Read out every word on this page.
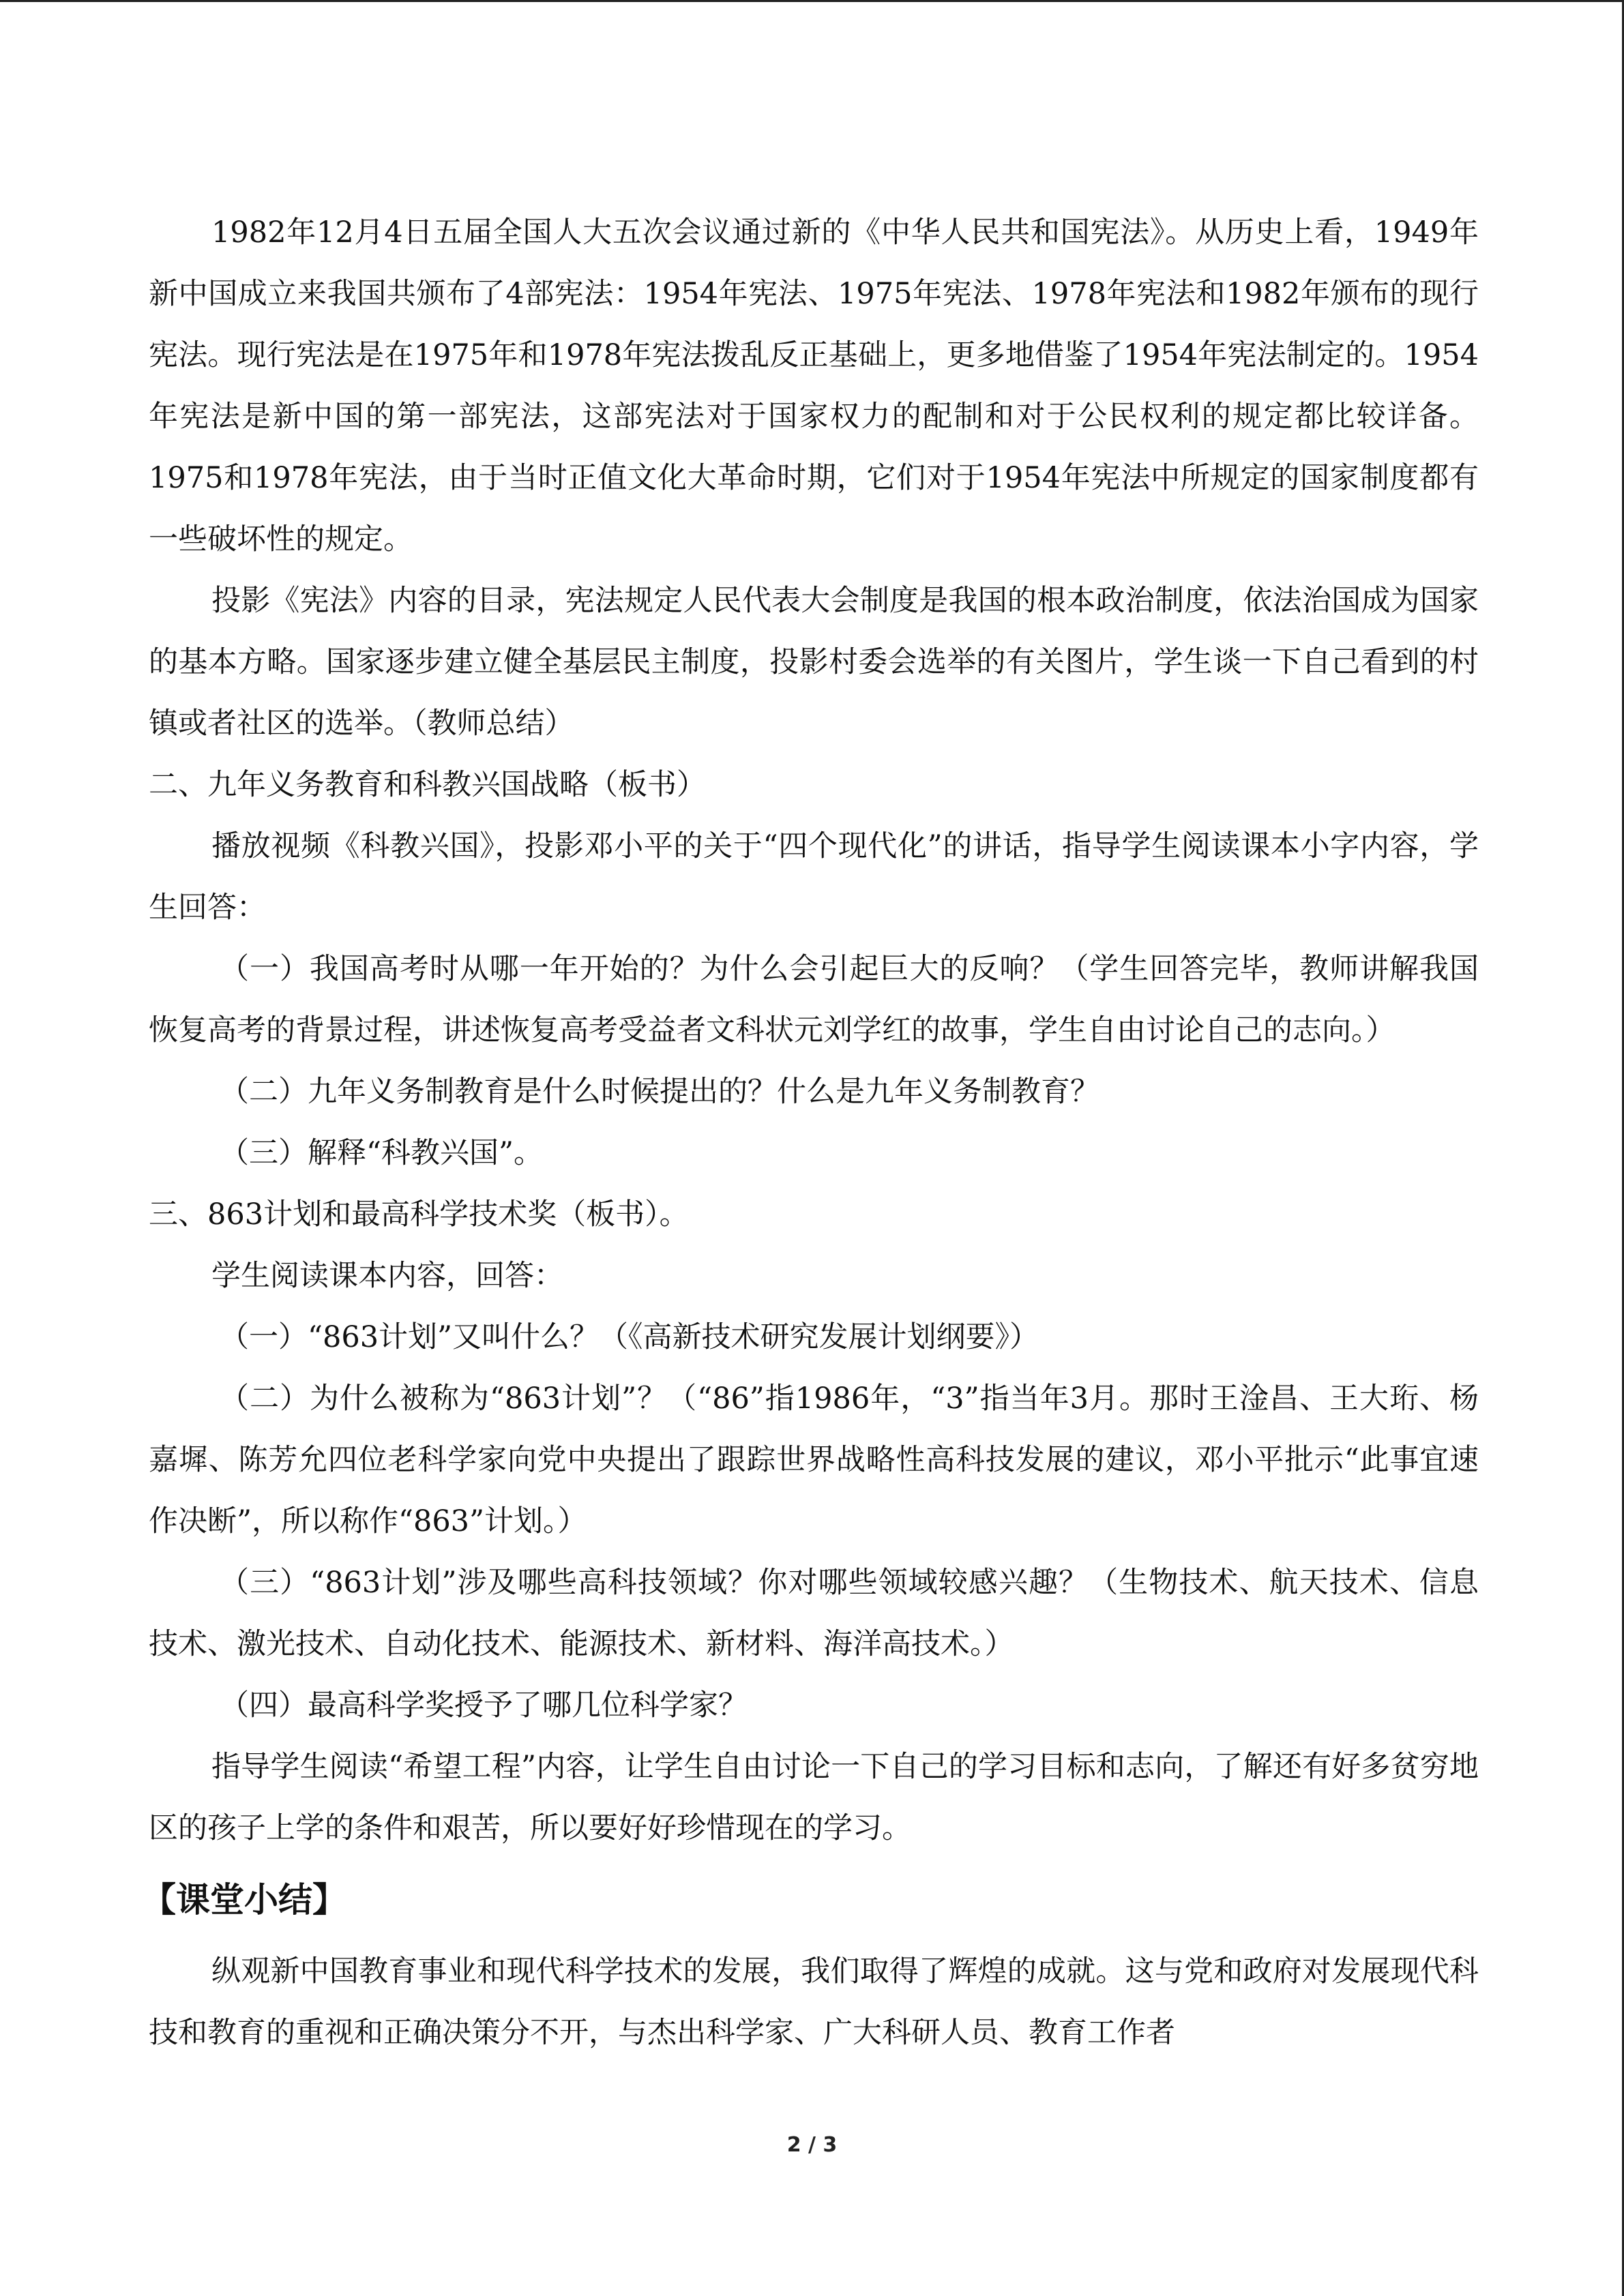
1982年12月4日五届全国人大五次会议通过新的《中华人民共和国宪法》。从历史上看，1949年新中国成立来我国共颁布了4部宪法：1954年宪法、1975年宪法、1978年宪法和1982年颁布的现行宪法。现行宪法是在1975年和1978年宪法拨乱反正基础上，更多地借鉴了1954年宪法制定的。1954年宪法是新中国的第一部宪法，这部宪法对于国家权力的配制和对于公民权利的规定都比较详备。1975和1978年宪法，由于当时正值文化大革命时期，它们对于1954年宪法中所规定的国家制度都有一些破坏性的规定。

投影《宪法》内容的目录，宪法规定人民代表大会制度是我国的根本政治制度，依法治国成为国家的基本方略。国家逐步建立健全基层民主制度，投影村委会选举的有关图片，学生谈一下自己看到的村镇或者社区的选举。（教师总结）

二、九年义务教育和科教兴国战略（板书）

播放视频《科教兴国》，投影邓小平的关于“四个现代化”的讲话，指导学生阅读课本小字内容，学生回答：

（一）我国高考时从哪一年开始的？为什么会引起巨大的反响？（学生回答完毕，教师讲解我国恢复高考的背景过程，讲述恢复高考受益者文科状元刘学红的故事，学生自由讨论自己的志向。）

（二）九年义务制教育是什么时候提出的？什么是九年义务制教育？

（三）解释“科教兴国”。

三、863计划和最高科学技术奖（板书）。

学生阅读课本内容，回答：

（一）“863计划”又叫什么？（《高新技术研究发展计划纲要》）

（二）为什么被称为“863计划”？（“86”指1986年，“3”指当年3月。那时王淦昌、王大珩、杨嘉墀、陈芳允四位老科学家向党中央提出了跟踪世界战略性高科技发展的建议，邓小平批示“此事宜速作决断”，所以称作“863”计划。）

（三）“863计划”涉及哪些高科技领域？你对哪些领域较感兴趣？（生物技术、航天技术、信息技术、激光技术、自动化技术、能源技术、新材料、海洋高技术。）

（四）最高科学奖授予了哪几位科学家？

指导学生阅读“希望工程”内容，让学生自由讨论一下自己的学习目标和志向，了解还有好多贫穷地区的孩子上学的条件和艰苦，所以要好好珍惜现在的学习。

【课堂小结】

纵观新中国教育事业和现代科学技术的发展，我们取得了辉煌的成就。这与党和政府对发展现代科技和教育的重视和正确决策分不开，与杰出科学家、广大科研人员、教育工作者

2 / 3
